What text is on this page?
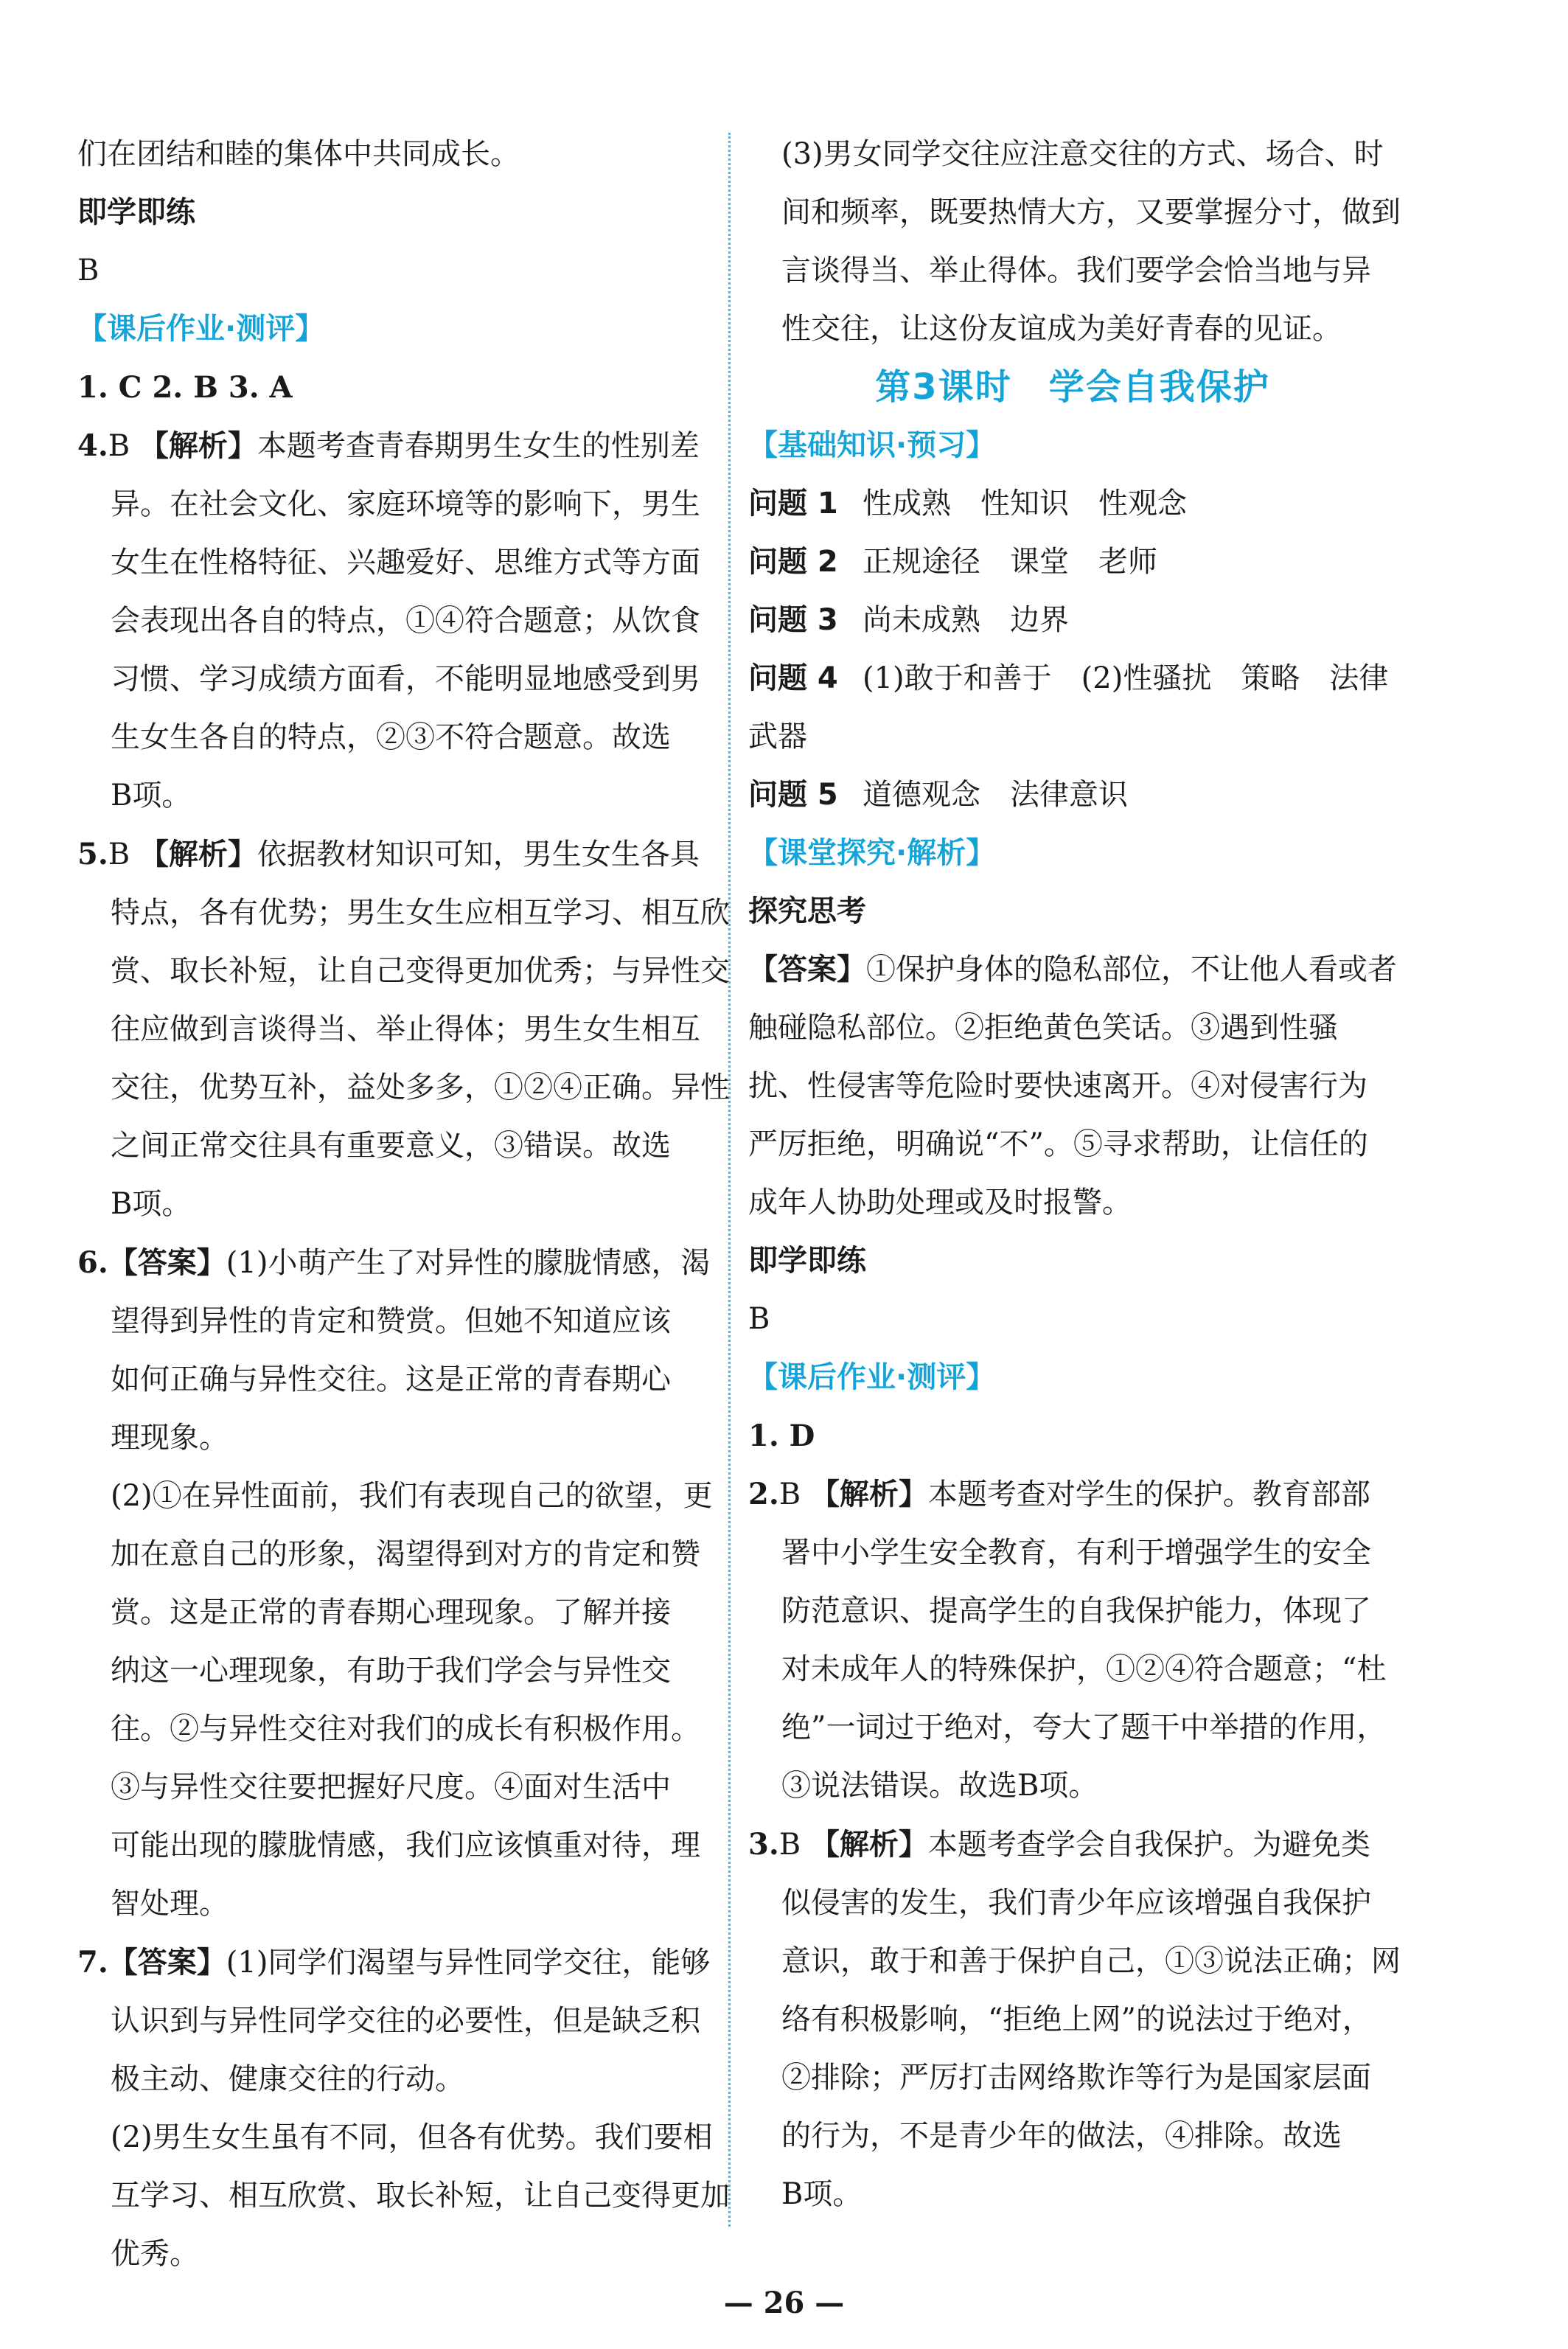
们在团结和睦的集体中共同成长。

即学即练

B

【课后作业·测评】

1. C 2. B 3. A

4.B 【解析】本题考查青春期男生女生的性别差

异。在社会文化、家庭环境等的影响下，男生

女生在性格特征、兴趣爱好、思维方式等方面

会表现出各自的特点，①④符合题意；从饮食

习惯、学习成绩方面看，不能明显地感受到男

生女生各自的特点，②③不符合题意。故选

B项。

5.B 【解析】依据教材知识可知，男生女生各具

特点，各有优势；男生女生应相互学习、相互欣

赏、取长补短，让自己变得更加优秀；与异性交

往应做到言谈得当、举止得体；男生女生相互

交往，优势互补，益处多多，①②④正确。异性

之间正常交往具有重要意义，③错误。故选

B项。

6.【答案】(1)小萌产生了对异性的朦胧情感，渴

望得到异性的肯定和赞赏。但她不知道应该

如何正确与异性交往。这是正常的青春期心

理现象。

(2)①在异性面前，我们有表现自己的欲望，更

加在意自己的形象，渴望得到对方的肯定和赞

赏。这是正常的青春期心理现象。了解并接

纳这一心理现象，有助于我们学会与异性交

往。②与异性交往对我们的成长有积极作用。

③与异性交往要把握好尺度。④面对生活中

可能出现的朦胧情感，我们应该慎重对待，理

智处理。

7.【答案】(1)同学们渴望与异性同学交往，能够

认识到与异性同学交往的必要性，但是缺乏积

极主动、健康交往的行动。

(2)男生女生虽有不同，但各有优势。我们要相

互学习、相互欣赏、取长补短，让自己变得更加

优秀。

(3)男女同学交往应注意交往的方式、场合、时

间和频率，既要热情大方，又要掌握分寸，做到

言谈得当、举止得体。我们要学会恰当地与异

性交往，让这份友谊成为美好青春的见证。

第3课时　学会自我保护

【基础知识·预习】

问题 1 性成熟　性知识　性观念

问题 2 正规途径　课堂　老师

问题 3 尚未成熟　边界

问题 4 (1)敢于和善于　(2)性骚扰　策略　法律

武器

问题 5 道德观念　法律意识

【课堂探究·解析】

探究思考

【答案】①保护身体的隐私部位，不让他人看或者

触碰隐私部位。②拒绝黄色笑话。③遇到性骚

扰、性侵害等危险时要快速离开。④对侵害行为

严厉拒绝，明确说“不”。⑤寻求帮助，让信任的

成年人协助处理或及时报警。

即学即练

B

【课后作业·测评】

1. D

2.B 【解析】本题考查对学生的保护。教育部部

署中小学生安全教育，有利于增强学生的安全

防范意识、提高学生的自我保护能力，体现了

对未成年人的特殊保护，①②④符合题意；“杜

绝”一词过于绝对，夸大了题干中举措的作用，

③说法错误。故选B项。

3.B 【解析】本题考查学会自我保护。为避免类

似侵害的发生，我们青少年应该增强自我保护

意识，敢于和善于保护自己，①③说法正确；网

络有积极影响，“拒绝上网”的说法过于绝对，

②排除；严厉打击网络欺诈等行为是国家层面

的行为，不是青少年的做法，④排除。故选

B项。

— 26 —
